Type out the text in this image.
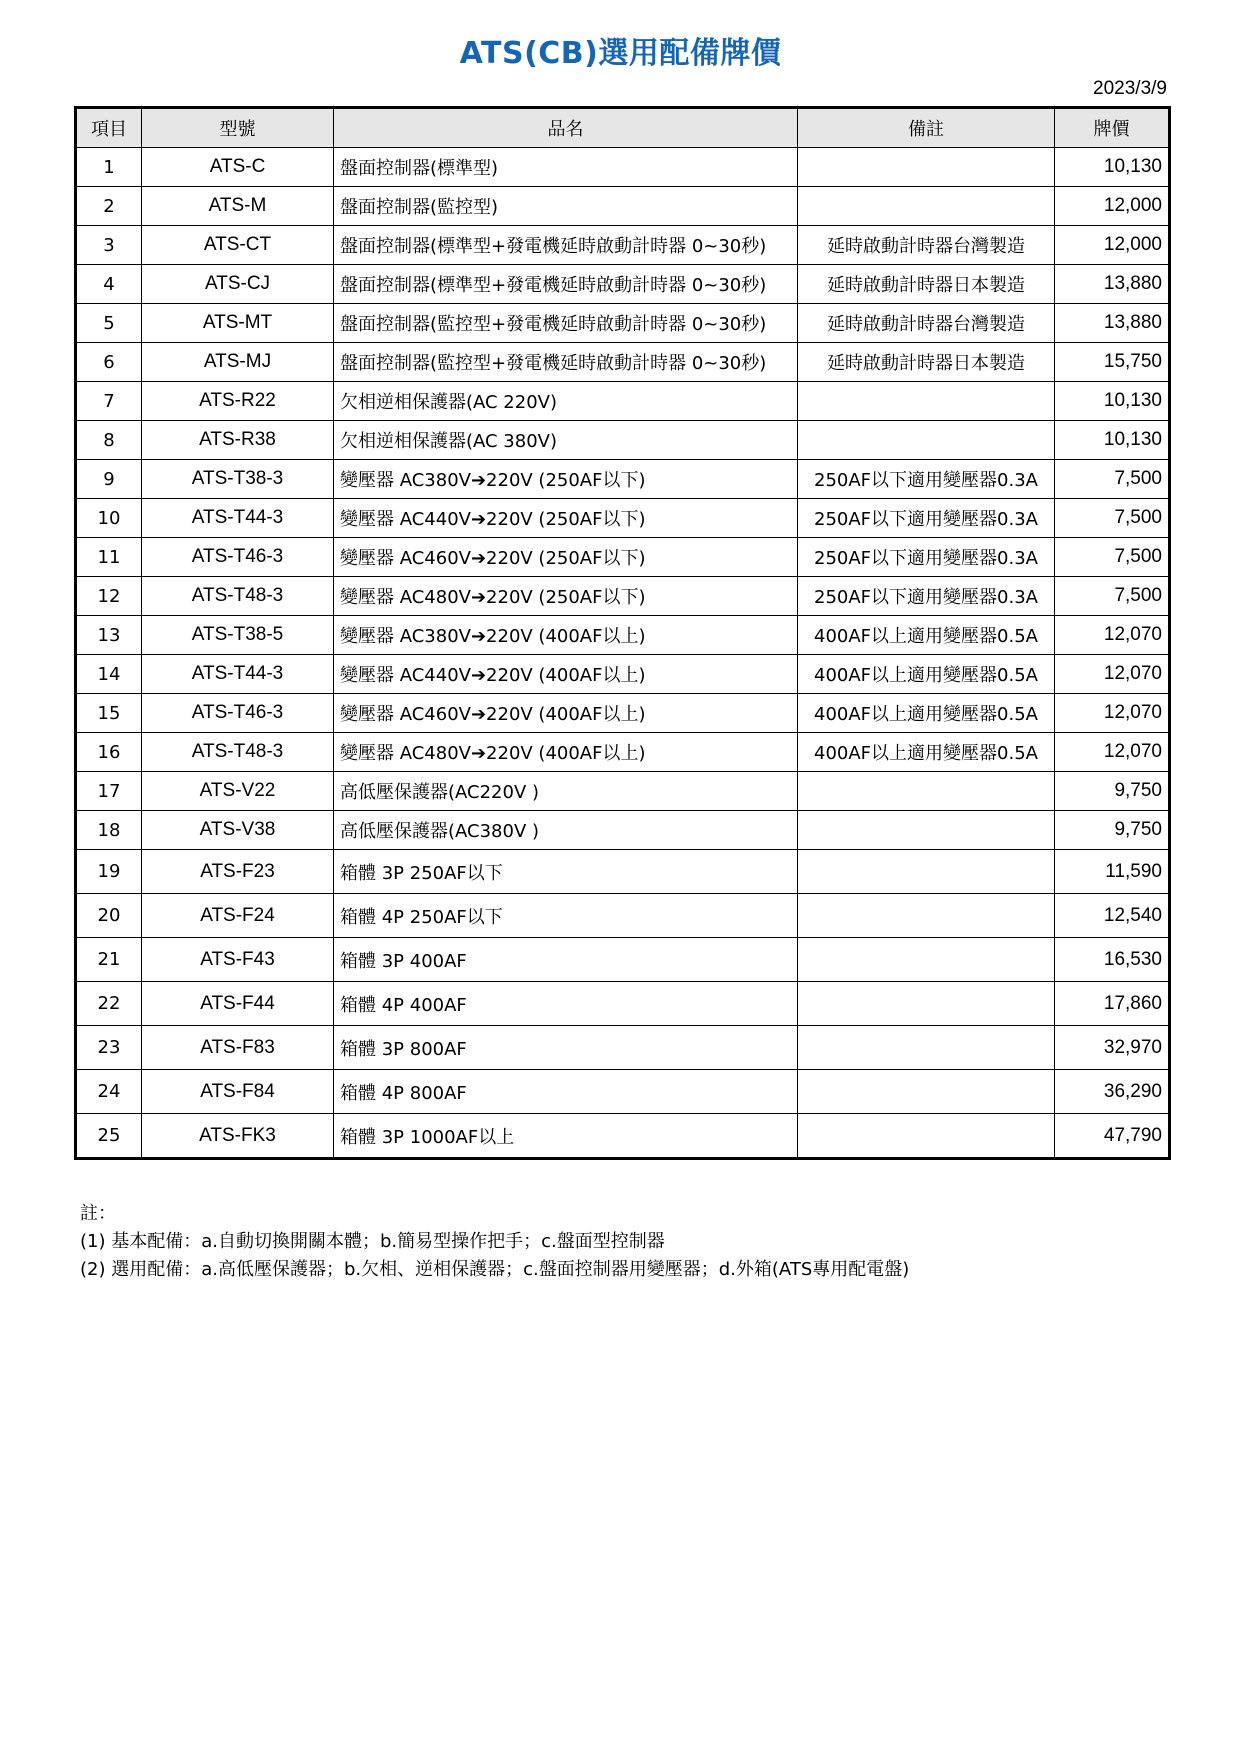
ATS(CB)選用配備牌價
2023/3/9
項目	型號	品名	備註	牌價
1	ATS-C	盤面控制器(標準型)		10,130
2	ATS-M	盤面控制器(監控型)		12,000
3	ATS-CT	盤面控制器(標準型+發電機延時啟動計時器 0~30秒)	延時啟動計時器台灣製造	12,000
4	ATS-CJ	盤面控制器(標準型+發電機延時啟動計時器 0~30秒)	延時啟動計時器日本製造	13,880
5	ATS-MT	盤面控制器(監控型+發電機延時啟動計時器 0~30秒)	延時啟動計時器台灣製造	13,880
6	ATS-MJ	盤面控制器(監控型+發電機延時啟動計時器 0~30秒)	延時啟動計時器日本製造	15,750
7	ATS-R22	欠相逆相保護器(AC 220V)		10,130
8	ATS-R38	欠相逆相保護器(AC 380V)		10,130
9	ATS-T38-3	變壓器 AC380V➔220V (250AF以下)	250AF以下適用變壓器0.3A	7,500
10	ATS-T44-3	變壓器 AC440V➔220V (250AF以下)	250AF以下適用變壓器0.3A	7,500
11	ATS-T46-3	變壓器 AC460V➔220V (250AF以下)	250AF以下適用變壓器0.3A	7,500
12	ATS-T48-3	變壓器 AC480V➔220V (250AF以下)	250AF以下適用變壓器0.3A	7,500
13	ATS-T38-5	變壓器 AC380V➔220V (400AF以上)	400AF以上適用變壓器0.5A	12,070
14	ATS-T44-3	變壓器 AC440V➔220V (400AF以上)	400AF以上適用變壓器0.5A	12,070
15	ATS-T46-3	變壓器 AC460V➔220V (400AF以上)	400AF以上適用變壓器0.5A	12,070
16	ATS-T48-3	變壓器 AC480V➔220V (400AF以上)	400AF以上適用變壓器0.5A	12,070
17	ATS-V22	高低壓保護器(AC220V )		9,750
18	ATS-V38	高低壓保護器(AC380V )		9,750
19	ATS-F23	箱體 3P 250AF以下		11,590
20	ATS-F24	箱體 4P 250AF以下		12,540
21	ATS-F43	箱體 3P 400AF		16,530
22	ATS-F44	箱體 4P 400AF		17,860
23	ATS-F83	箱體 3P 800AF		32,970
24	ATS-F84	箱體 4P 800AF		36,290
25	ATS-FK3	箱體 3P 1000AF以上		47,790
註：
(1) 基本配備：a.自動切換開關本體；b.簡易型操作把手；c.盤面型控制器
(2) 選用配備：a.高低壓保護器；b.欠相、逆相保護器；c.盤面控制器用變壓器；d.外箱(ATS專用配電盤)
